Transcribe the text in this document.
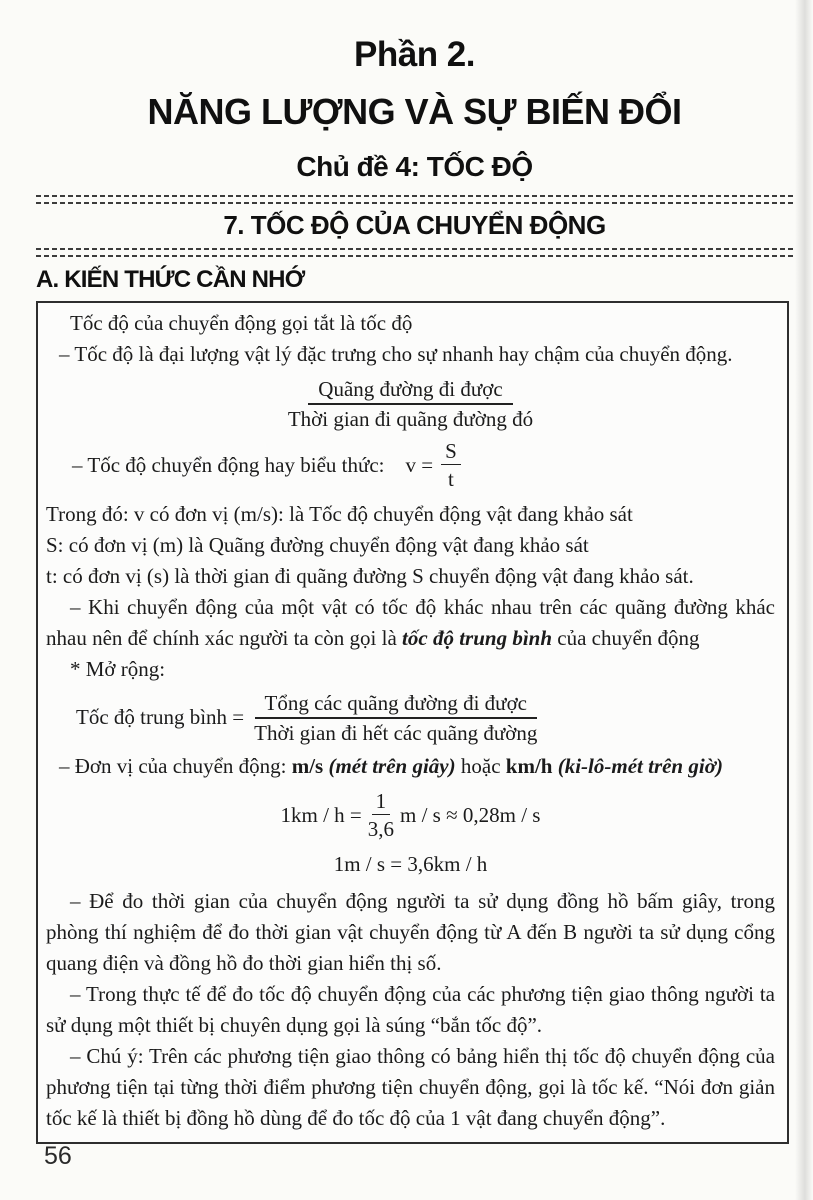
Phần 2.
NĂNG LƯỢNG VÀ SỰ BIẾN ĐỔI
Chủ đề 4: TỐC ĐỘ
7. TỐC ĐỘ CỦA CHUYỂN ĐỘNG
A. KIẾN THỨC CẦN NHỚ

Tốc độ của chuyển động gọi tắt là tốc độ

– Tốc độ là đại lượng vật lý đặc trưng cho sự nhanh hay chậm của chuyển động.

$\frac{\text{Quãng đường đi được}}{\text{Thời gian đi quãng đường đó}}$

– Tốc độ chuyển động hay biểu thức:	$v = \frac{S}{t}$

Trong đó: v có đơn vị (m/s): là Tốc độ chuyển động vật đang khảo sát

S: có đơn vị (m) là Quãng đường chuyển động vật đang khảo sát

t: có đơn vị (s) là thời gian đi quãng đường S chuyển động vật đang khảo sát.

– Khi chuyển động của một vật có tốc độ khác nhau trên các quãng đường khác nhau nên để chính xác người ta còn gọi là tốc độ trung bình của chuyển động

* Mở rộng:

Tốc độ trung bình = $\frac{\text{Tổng các quãng đường đi được}}{\text{Thời gian đi hết các quãng đường}}$

– Đơn vị của chuyển động: m/s (mét trên giây) hoặc km/h (ki-lô-mét trên giờ)

$1km / h = \frac{1}{3,6}$ m / s ≈ 0,28m / s
1m / s = 3,6km / h

– Để đo thời gian của chuyển động người ta sử dụng đồng hồ bấm giây, trong phòng thí nghiệm để đo thời gian vật chuyển động từ A đến B người ta sử dụng cổng quang điện và đồng hồ đo thời gian hiển thị số.

– Trong thực tế để đo tốc độ chuyển động của các phương tiện giao thông người ta sử dụng một thiết bị chuyên dụng gọi là súng “bắn tốc độ”.

– Chú ý: Trên các phương tiện giao thông có bảng hiển thị tốc độ chuyển động của phương tiện tại từng thời điểm phương tiện chuyển động, gọi là tốc kế. “Nói đơn giản tốc kế là thiết bị đồng hồ dùng để đo tốc độ của 1 vật đang chuyển động”.

56
